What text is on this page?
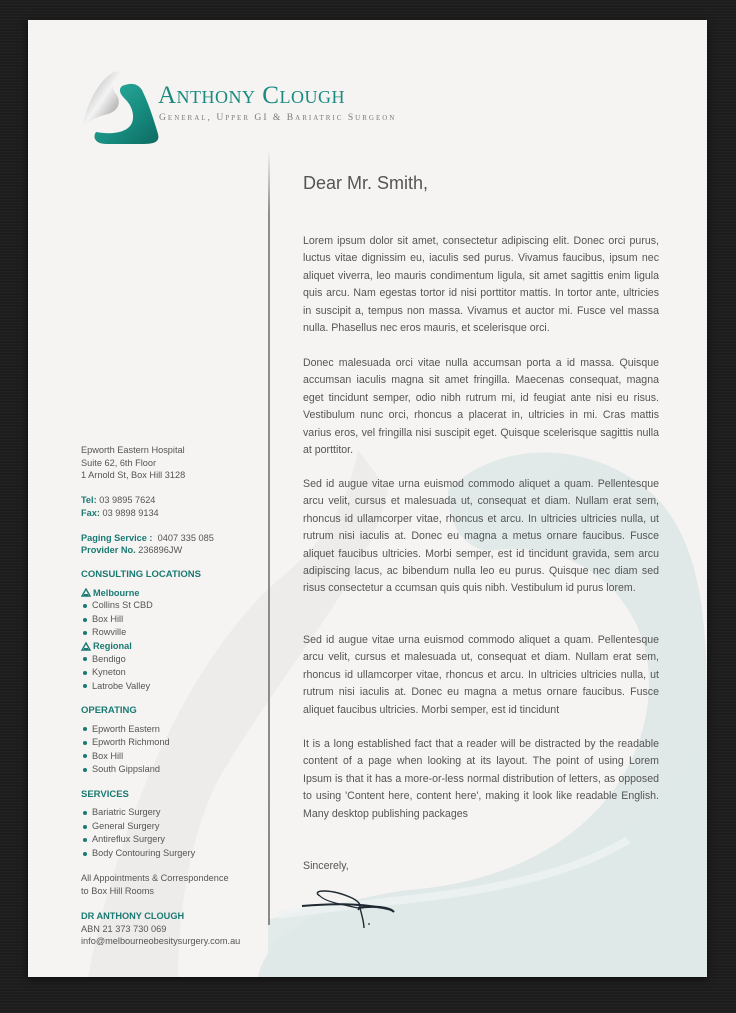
Anthony Clough
General, Upper GI & Bariatric Surgeon
Epworth Eastern Hospital
Suite 62, 6th Floor
1 Arnold St, Box Hill 3128
Tel: 03 9895 7624
Fax: 03 9898 9134
Paging Service : 0407 335 085
Provider No. 236896JW
CONSULTING LOCATIONS
Melbourne
Collins St CBD
Box Hill
Rowville
Regional
Bendigo
Kyneton
Latrobe Valley
OPERATING
Epworth Eastern
Epworth Richmond
Box Hill
South Gippsland
SERVICES
Bariatric Surgery
General Surgery
Antireflux Surgery
Body Contouring Surgery
All Appointments & Correspondence
to Box Hill Rooms
DR ANTHONY CLOUGH
ABN 21 373 730 069
info@melbourneobesitysurgery.com.au
Dear Mr. Smith,

Lorem ipsum dolor sit amet, consectetur adipiscing elit. Donec orci purus, luctus vitae dignissim eu, iaculis sed purus. Vivamus faucibus, ipsum nec aliquet viverra, leo mauris condimentum ligula, sit amet sagittis enim ligula quis arcu. Nam egestas tortor id nisi porttitor mattis. In tortor ante, ultricies in suscipit a, tempus non massa. Vivamus et auctor mi. Fusce vel massa nulla. Phasellus nec eros mauris, et scelerisque orci.

Donec malesuada orci vitae nulla accumsan porta a id massa. Quisque accumsan iaculis magna sit amet fringilla. Maecenas consequat, magna eget tincidunt semper, odio nibh rutrum mi, id feugiat ante nisi eu risus. Vestibulum nunc orci, rhoncus a placerat in, ultricies in mi. Cras mattis varius eros, vel fringilla nisi suscipit eget. Quisque scelerisque sagittis nulla at porttitor.

Sed id augue vitae urna euismod commodo aliquet a quam. Pellentesque arcu velit, cursus et malesuada ut, consequat et diam. Nullam erat sem, rhoncus id ullamcorper vitae, rhoncus et arcu. In ultricies ultricies nulla, ut rutrum nisi iaculis at. Donec eu magna a metus ornare faucibus. Fusce aliquet faucibus ultricies. Morbi semper, est id tincidunt gravida, sem arcu adipiscing lacus, ac bibendum nulla leo eu purus. Quisque nec diam sed risus consectetur a ccumsan quis quis nibh. Vestibulum id purus lorem.

Sed id augue vitae urna euismod commodo aliquet a quam. Pellentesque arcu velit, cursus et malesuada ut, consequat et diam. Nullam erat sem, rhoncus id ullamcorper vitae, rhoncus et arcu. In ultricies ultricies nulla, ut rutrum nisi iaculis at. Donec eu magna a metus ornare faucibus. Fusce aliquet faucibus ultricies. Morbi semper, est id tincidunt

It is a long established fact that a reader will be distracted by the readable content of a page when looking at its layout. The point of using Lorem Ipsum is that it has a more-or-less normal distribution of letters, as opposed to using 'Content here, content here', making it look like readable English. Many desktop publishing packages

Sincerely,
